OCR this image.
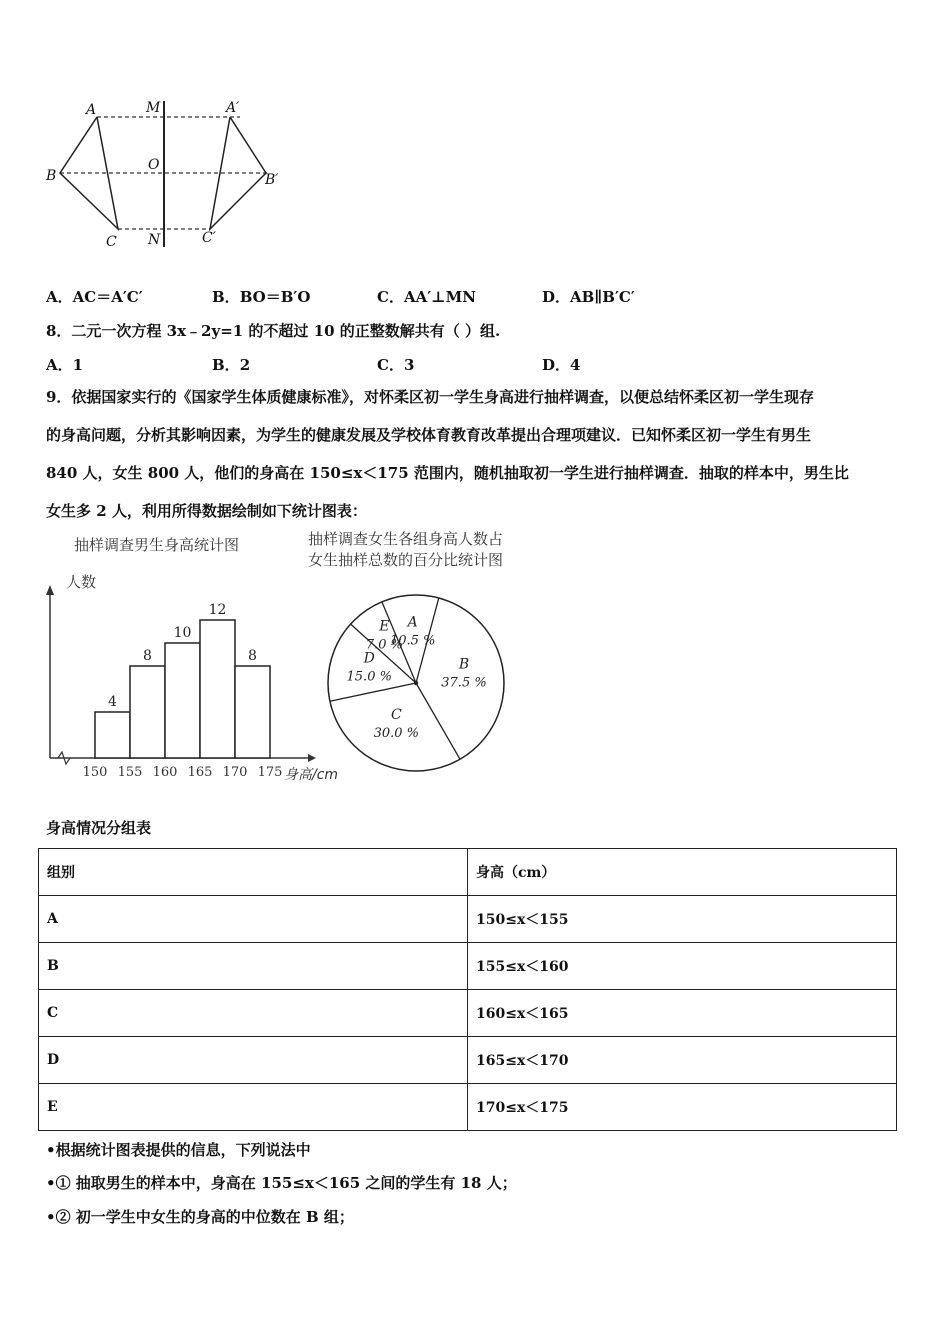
A	M	A′
B
O
B′
C N	C′
A．AC＝A′C′	B．BO＝B′O	C．AA′⊥MN	D．AB∥B′C′
8．二元一次方程 3x﹣2y=1 的不超过 10 的正整数解共有（ ）组.
A．1	B．2	C．3	D．4
9．依据国家实行的《国家学生体质健康标准》，对怀柔区初一学生身高进行抽样调查，以便总结怀柔区初一学生现存
的身高问题，分析其影响因素，为学生的健康发展及学校体育教育改革提出合理项建议．已知怀柔区初一学生有男生
840 人，女生 800 人，他们的身高在 150≤x＜175 范围内，随机抽取初一学生进行抽样调查．抽取的样本中，男生比
女生多 2 人，利用所得数据绘制如下统计图表：
抽样调查男生身高统计图
人数
4
8
10
12
8
150 155 160 165 170 175 身高/cm
抽样调查女生各组身高人数占
女生抽样总数的百分比统计图
B
37.5 %
C
30.0 %
D
15.0 %
E
7.0 %
A
10.5 %
身高情况分组表
组别	身高（cm）
A	150≤x＜155
B	155≤x＜160
C	160≤x＜165
D	165≤x＜170
E	170≤x＜175
•根据统计图表提供的信息，下列说法中
•① 抽取男生的样本中，身高在 155≤x＜165 之间的学生有 18 人；
•② 初一学生中女生的身高的中位数在 B 组；
